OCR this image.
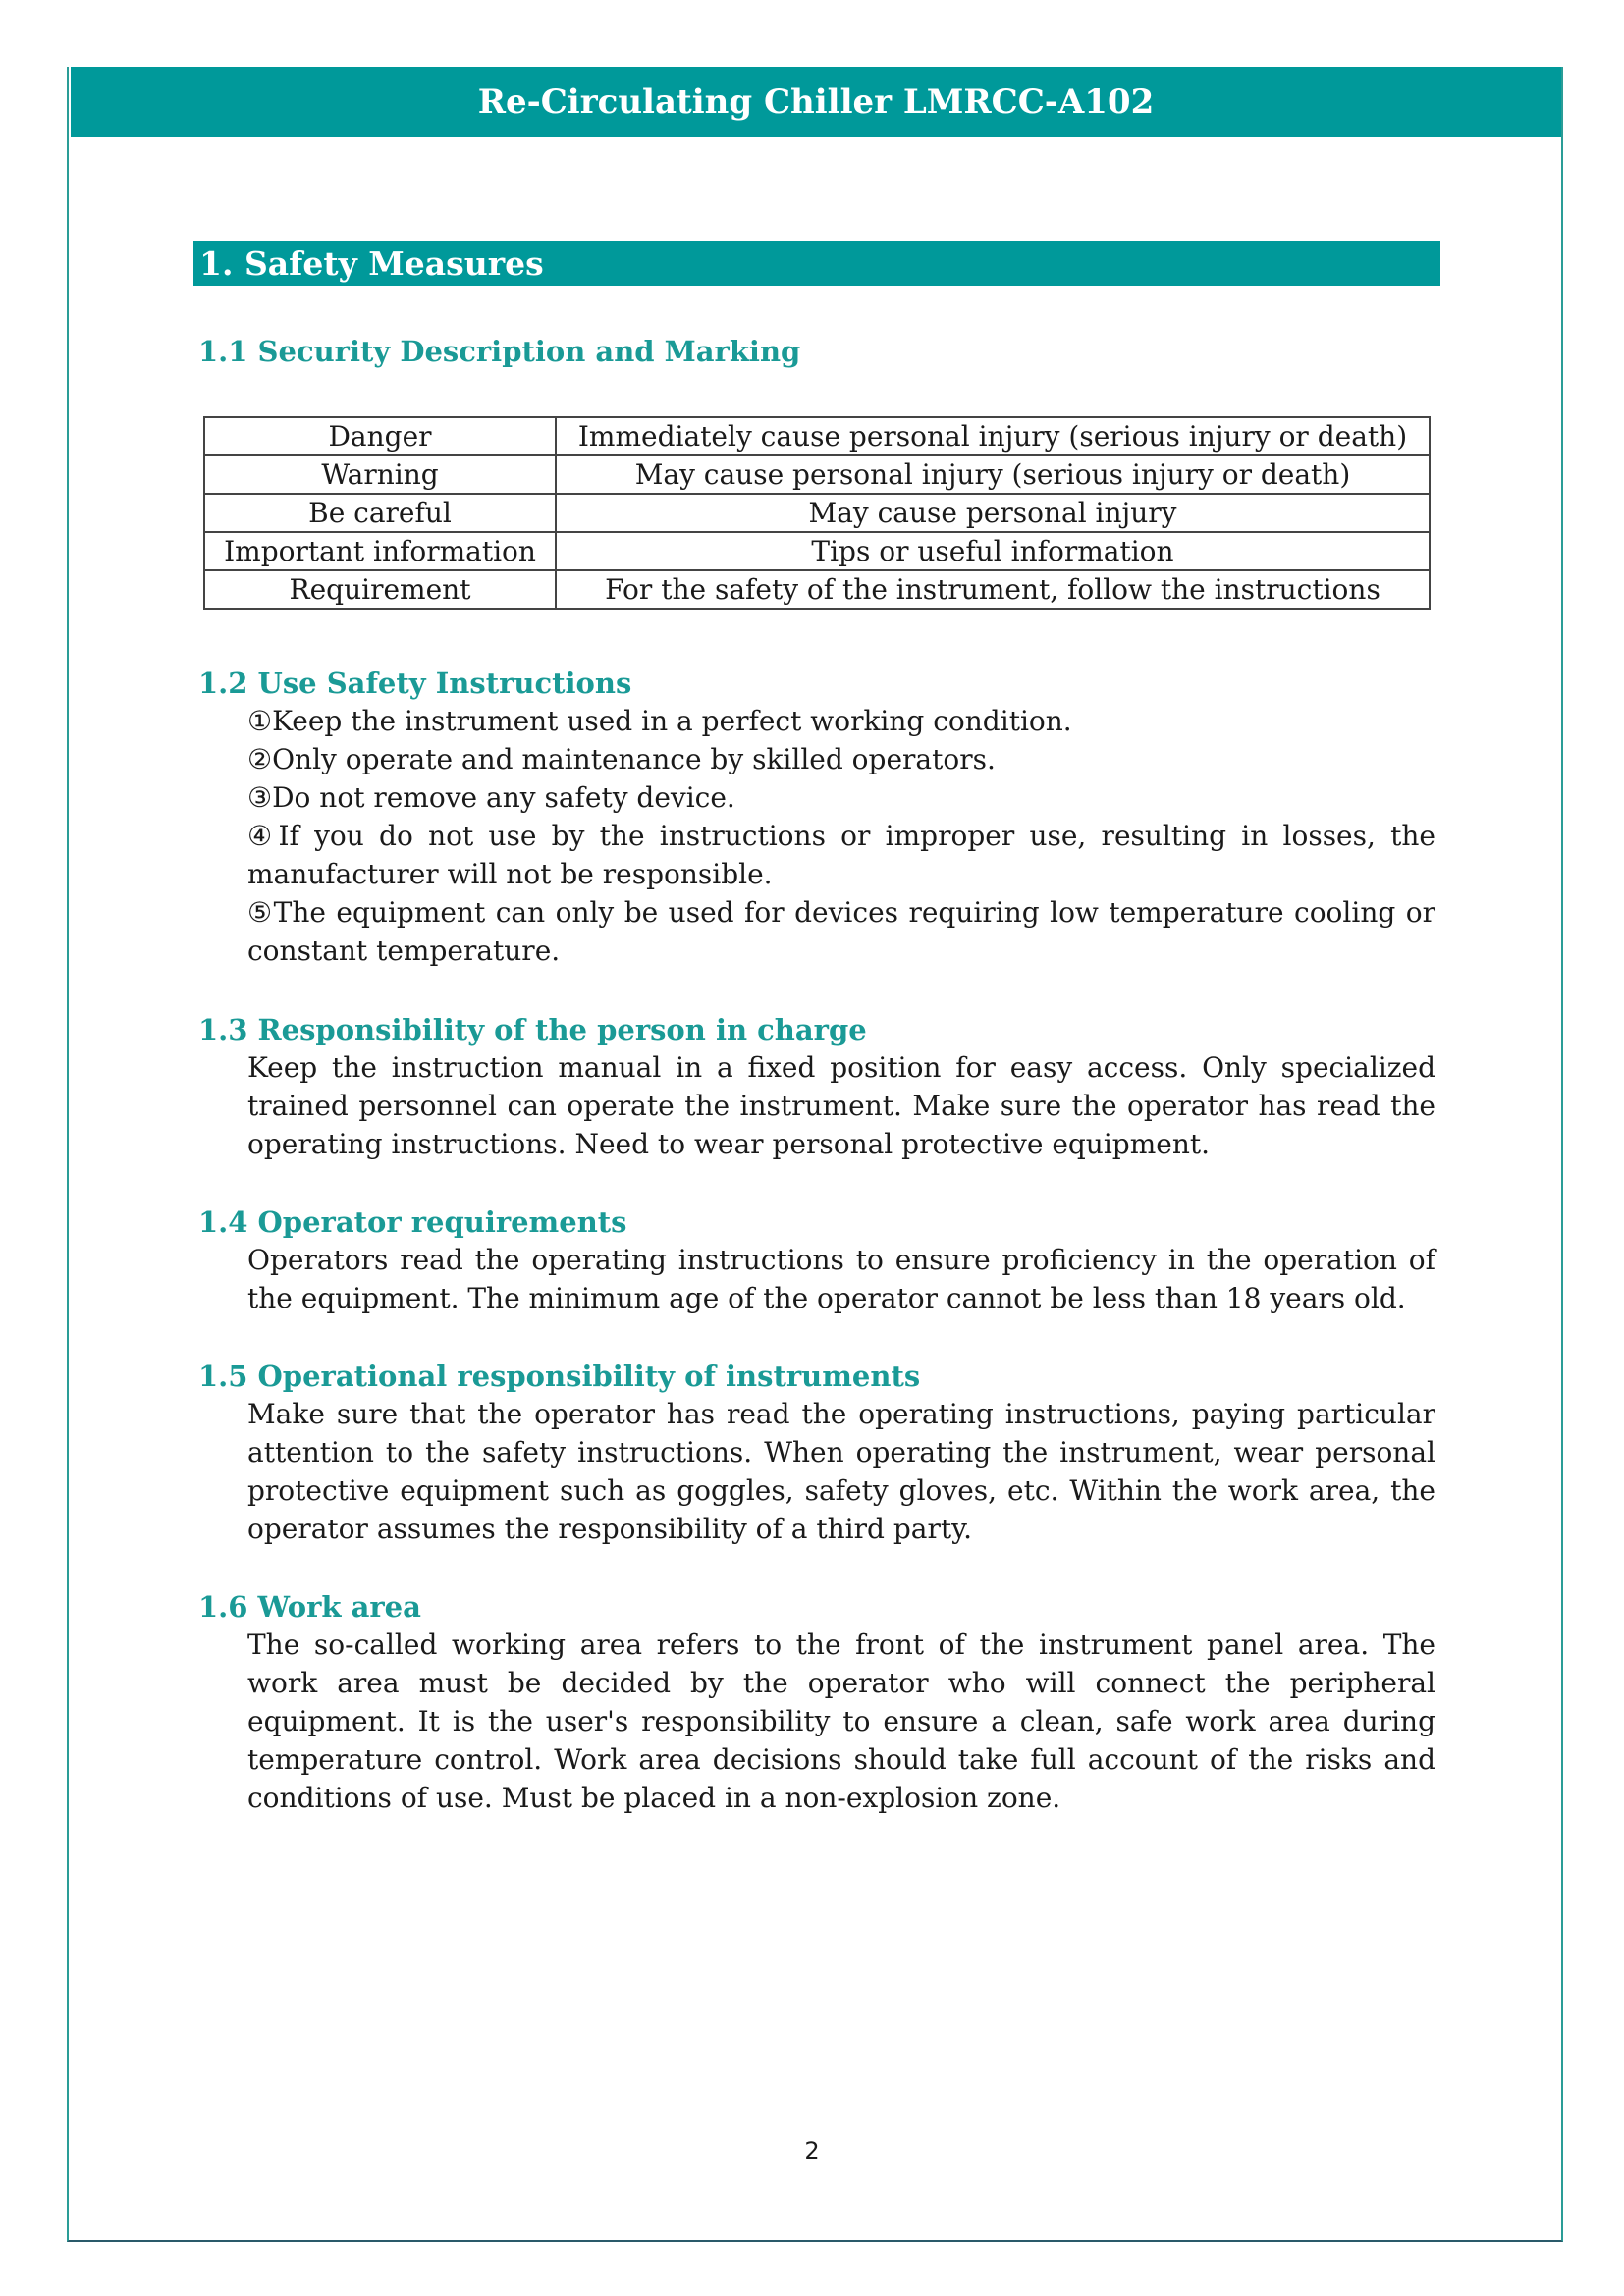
Re-Circulating Chiller LMRCC-A102
1. Safety Measures
1.1 Security Description and Marking
Danger	Immediately cause personal injury (serious injury or death)
Warning	May cause personal injury (serious injury or death)
Be careful	May cause personal injury
Important information	Tips or useful information
Requirement	For the safety of the instrument, follow the instructions
1.2 Use Safety Instructions
①Keep the instrument used in a perfect working condition.
②Only operate and maintenance by skilled operators.
③Do not remove any safety device.
④If you do not use by the instructions or improper use, resulting in losses, the manufacturer will not be responsible.
⑤The equipment can only be used for devices requiring low temperature cooling or constant temperature.
1.3 Responsibility of the person in charge
Keep the instruction manual in a fixed position for easy access. Only specialized trained personnel can operate the instrument. Make sure the operator has read the operating instructions. Need to wear personal protective equipment.
1.4 Operator requirements
Operators read the operating instructions to ensure proficiency in the operation of the equipment. The minimum age of the operator cannot be less than 18 years old.
1.5 Operational responsibility of instruments
Make sure that the operator has read the operating instructions, paying particular attention to the safety instructions. When operating the instrument, wear personal protective equipment such as goggles, safety gloves, etc. Within the work area, the operator assumes the responsibility of a third party.
1.6 Work area
The so-called working area refers to the front of the instrument panel area. The work area must be decided by the operator who will connect the peripheral equipment. It is the user's responsibility to ensure a clean, safe work area during temperature control. Work area decisions should take full account of the risks and conditions of use. Must be placed in a non-explosion zone.
2
